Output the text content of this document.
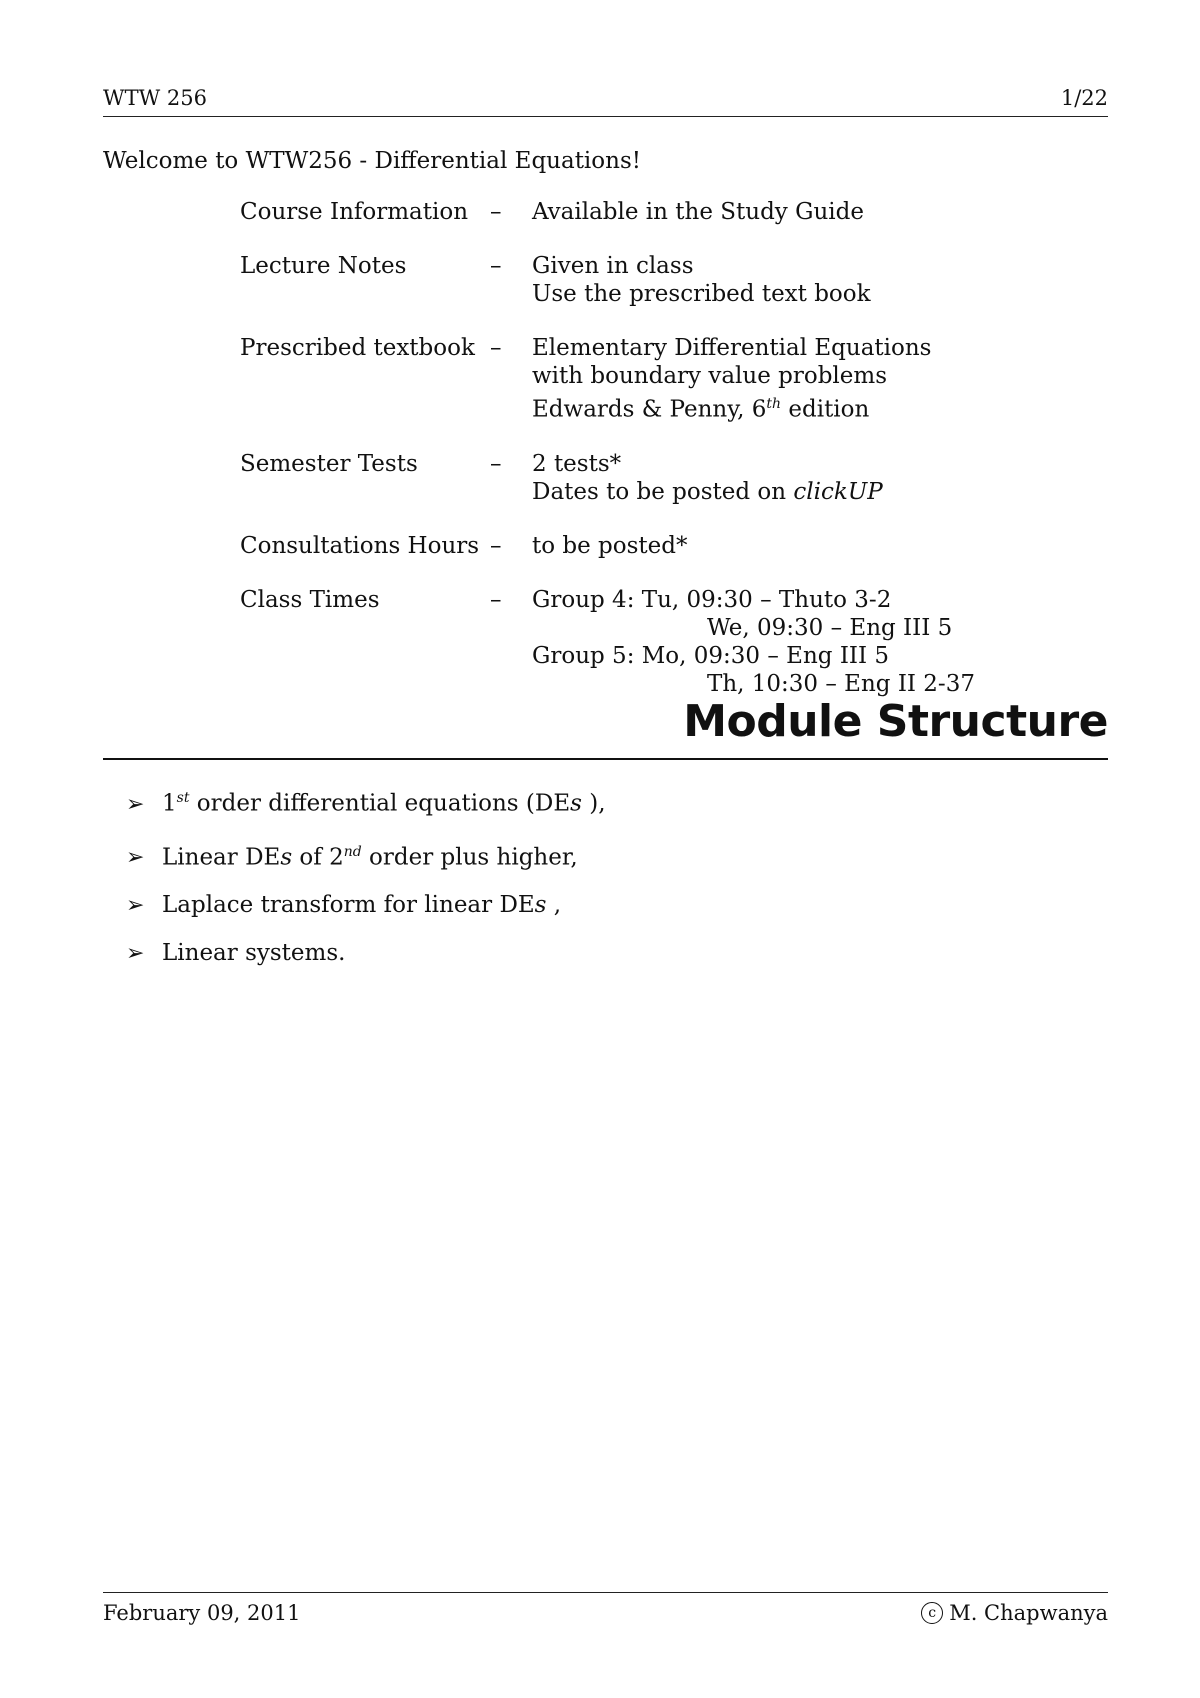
WTW 256	1/22
Welcome to WTW256 - Differential Equations!
Course Information –	Available in the Study Guide
Lecture Notes	–	Given in class
Use the prescribed text book
Prescribed textbook –	Elementary Differential Equations
with boundary value problems
Edwards & Penny, 6th edition
Semester Tests	–	2 tests*
Dates to be posted on clickUP
Consultations Hours –	to be posted*
Class Times	–	Group 4: Tu, 09:30 – Thuto 3-2
We, 09:30 – Eng III 5
Group 5: Mo, 09:30 – Eng III 5
Th, 10:30 – Eng II 2-37
Module Structure
➢ 1st order differential equations (DEs ),
➢ Linear DEs of 2nd order plus higher,
➢ Laplace transform for linear DEs ,
➢ Linear systems.
February 09, 2011	c M. Chapwanya
